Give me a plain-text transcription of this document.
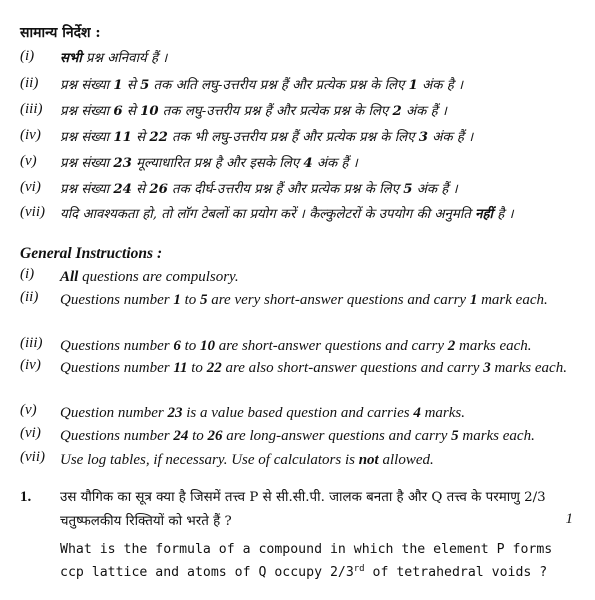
सामान्य निर्देश :
(i)	सभी प्रश्न अनिवार्य हैं ।
(ii)	प्रश्न संख्या 1 से 5 तक अति लघु-उत्तरीय प्रश्न हैं और प्रत्येक प्रश्न के लिए 1 अंक है ।
(iii)	प्रश्न संख्या 6 से 10 तक लघु-उत्तरीय प्रश्न हैं और प्रत्येक प्रश्न के लिए 2 अंक हैं ।
(iv)	प्रश्न संख्या 11 से 22 तक भी लघु-उत्तरीय प्रश्न हैं और प्रत्येक प्रश्न के लिए 3 अंक हैं ।
(v)	प्रश्न संख्या 23 मूल्याधारित प्रश्न है और इसके लिए 4 अंक हैं ।
(vi)	प्रश्न संख्या 24 से 26 तक दीर्घ-उत्तरीय प्रश्न हैं और प्रत्येक प्रश्न के लिए 5 अंक हैं ।
(vii)	यदि आवश्यकता हो, तो लॉग टेबलों का प्रयोग करें । कैल्कुलेटरों के उपयोग की अनुमति नहीं है ।
General Instructions :
(i)	All questions are compulsory.
(ii)	Questions number 1 to 5 are very short-answer questions and carry 1 mark each.
(iii)	Questions number 6 to 10 are short-answer questions and carry 2 marks each.
(iv)	Questions number 11 to 22 are also short-answer questions and carry 3 marks each.
(v)	Question number 23 is a value based question and carries 4 marks.
(vi)	Questions number 24 to 26 are long-answer questions and carry 5 marks each.
(vii)	Use log tables, if necessary. Use of calculators is not allowed.
1. उस यौगिक का सूत्र क्या है जिसमें तत्त्व P से सी.सी.पी. जालक बनता है और Q तत्त्व के परमाणु 2/3 चतुष्फलकीय रिक्तियों को भरते हैं ?	1
What is the formula of a compound in which the element P forms ccp lattice and atoms of Q occupy 2/3rd of tetrahedral voids ?
